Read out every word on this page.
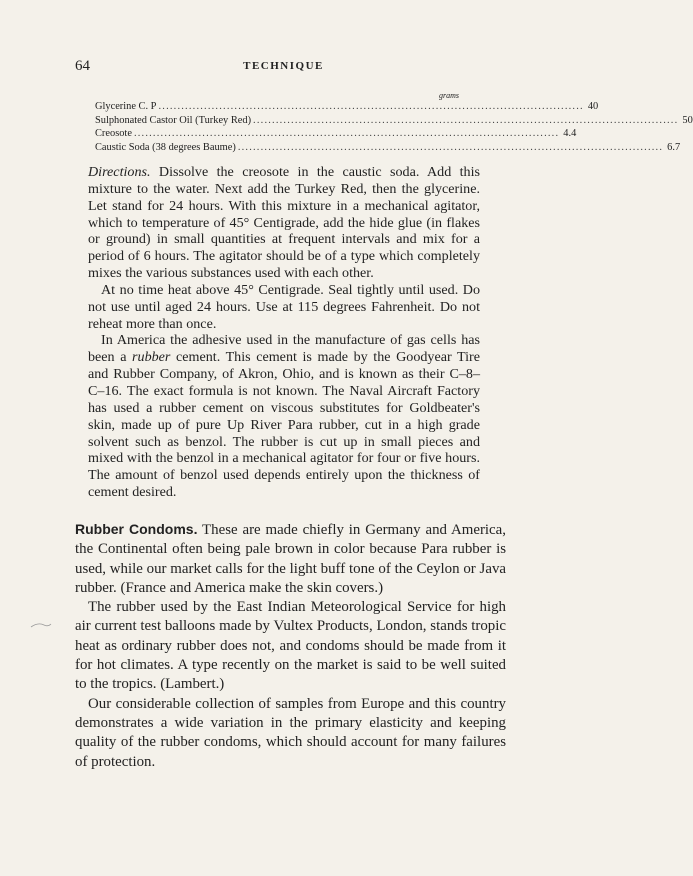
64	TECHNIQUE
grams
Glycerine C. P ................................................................................................................ 40
Sulphonated Castor Oil (Turkey Red) ................................................................................................................ 50
Creosote ................................................................................................................ 4.4
Caustic Soda (38 degrees Baume) ................................................................................................................ 6.7

Directions. Dissolve the creosote in the caustic soda. Add this mixture to the water. Next add the Turkey Red, then the glycerine. Let stand for 24 hours. With this mixture in a mechanical agitator, which to temperature of 45° Centigrade, add the hide glue (in flakes or ground) in small quantities at frequent intervals and mix for a period of 6 hours. The agitator should be of a type which completely mixes the various substances used with each other.

At no time heat above 45° Centigrade. Seal tightly until used. Do not use until aged 24 hours. Use at 115 degrees Fahrenheit. Do not reheat more than once.

In America the adhesive used in the manufacture of gas cells has been a rubber cement. This cement is made by the Goodyear Tire and Rubber Company, of Akron, Ohio, and is known as their C–8–C–16. The exact formula is not known. The Naval Aircraft Factory has used a rubber cement on viscous substitutes for Goldbeater's skin, made up of pure Up River Para rubber, cut in a high grade solvent such as benzol. The rubber is cut up in small pieces and mixed with the benzol in a mechanical agitator for four or five hours. The amount of benzol used depends entirely upon the thickness of cement desired.

Rubber Condoms. These are made chiefly in Germany and America, the Continental often being pale brown in color because Para rubber is used, while our market calls for the light buff tone of the Ceylon or Java rubber. (France and America make the skin covers.)

The rubber used by the East Indian Meteorological Service for high air current test balloons made by Vultex Products, London, stands tropic heat as ordinary rubber does not, and condoms should be made from it for hot climates. A type recently on the market is said to be well suited to the tropics. (Lambert.)

Our considerable collection of samples from Europe and this country demonstrates a wide variation in the primary elasticity and keeping quality of the rubber condoms, which should account for many failures of protection.
